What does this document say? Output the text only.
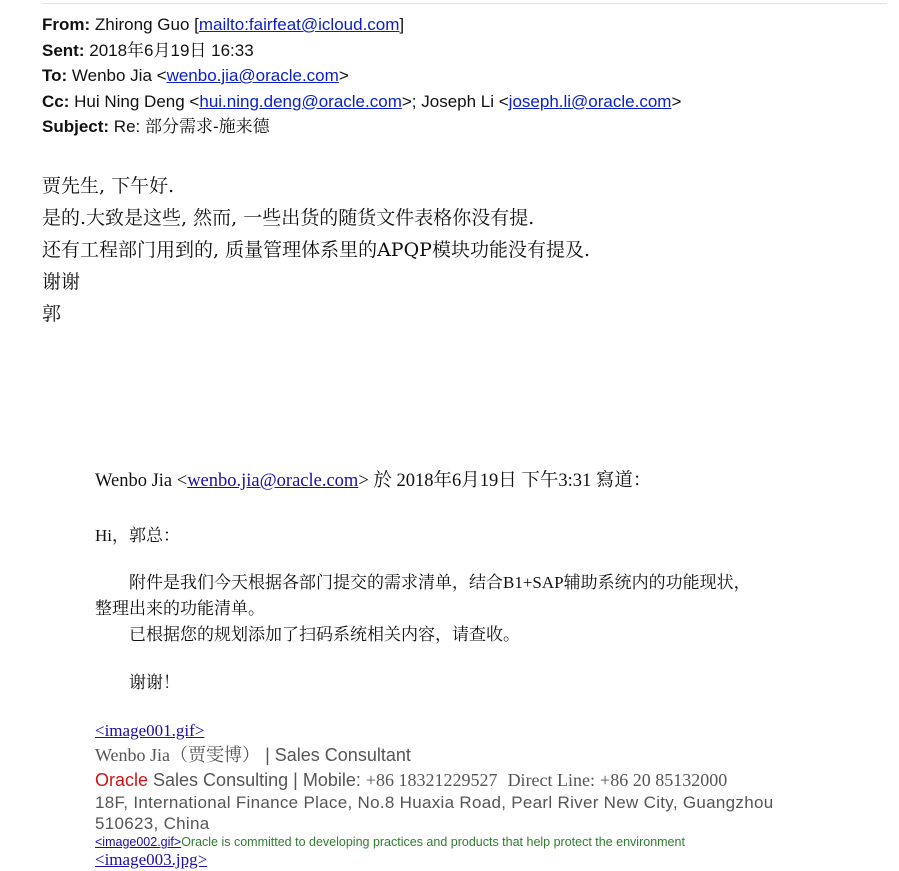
From: Zhirong Guo [mailto:fairfeat@icloud.com]
Sent: 2018年6月19日 16:33
To: Wenbo Jia <wenbo.jia@oracle.com>
Cc: Hui Ning Deng <hui.ning.deng@oracle.com>; Joseph Li <joseph.li@oracle.com>
Subject: Re: 部分需求-施来德
贾先生, 下午好.
是的.大致是这些, 然而, 一些出货的随货文件表格你没有提.
还有工程部门用到的, 质量管理体系里的APQP模块功能没有提及.
谢谢
郭
Wenbo Jia <wenbo.jia@oracle.com> 於 2018年6月19日 下午3:31 寫道：
Hi，郭总：
附件是我们今天根据各部门提交的需求清单，结合B1+SAP辅助系统内的功能现状，
整理出来的功能清单。
已根据您的规划添加了扫码系统相关内容，请查收。
谢谢！
<image001.gif>
Wenbo Jia（贾雯博） | Sales Consultant
Oracle Sales Consulting | Mobile: +86 18321229527 Direct Line: +86 20 85132000
18F, International Finance Place, No.8 Huaxia Road, Pearl River New City, Guangzhou
510623, China
<image002.gif>Oracle is committed to developing practices and products that help protect the environment
<image003.jpg>
